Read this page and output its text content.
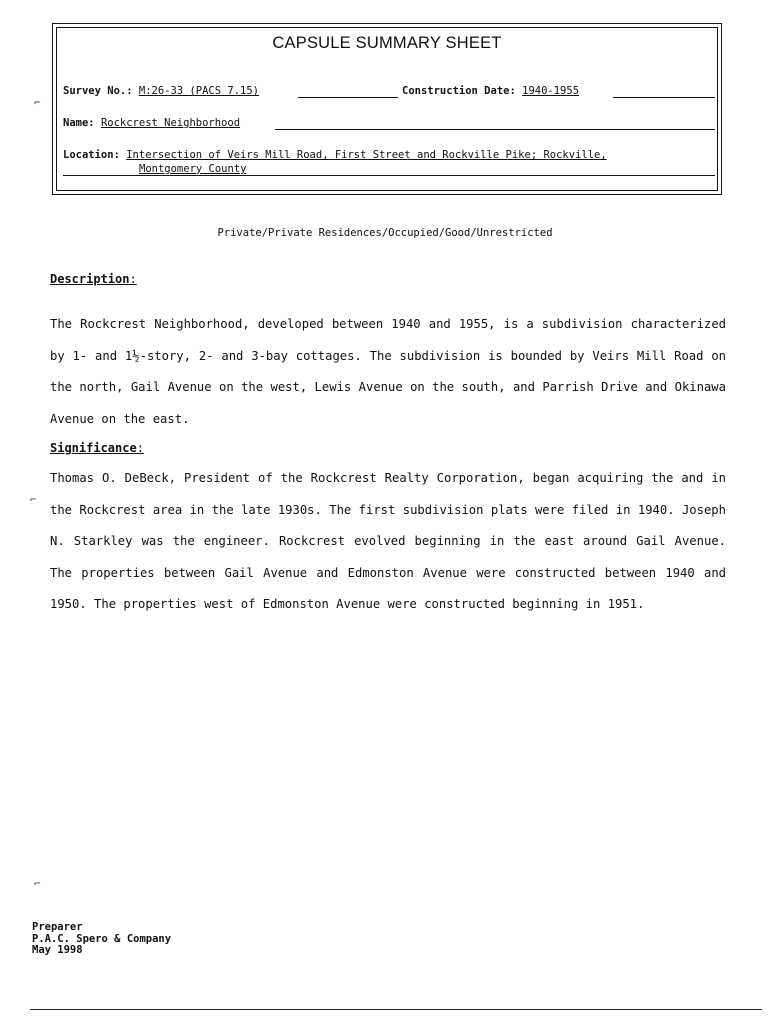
CAPSULE SUMMARY SHEET
Survey No.: M:26-33 (PACS 7.15)	Construction Date: 1940-1955
Name: Rockcrest Neighborhood
Location: Intersection of Veirs Mill Road, First Street and Rockville Pike; Rockville,
Montgomery County
Private/Private Residences/Occupied/Good/Unrestricted
Description:

The Rockcrest Neighborhood, developed between 1940 and 1955, is a subdivision characterized by 1- and 1½-story, 2- and 3-bay cottages. The subdivision is bounded by Veirs Mill Road on the north, Gail Avenue on the west, Lewis Avenue on the south, and Parrish Drive and Okinawa Avenue on the east.

Significance:

Thomas O. DeBeck, President of the Rockcrest Realty Corporation, began acquiring the and in the Rockcrest area in the late 1930s. The first subdivision plats were filed in 1940. Joseph N. Starkley was the engineer. Rockcrest evolved beginning in the east around Gail Avenue. The properties between Gail Avenue and Edmonston Avenue were constructed between 1940 and 1950. The properties west of Edmonston Avenue were constructed beginning in 1951.

Preparer
P.A.C. Spero & Company
May 1998
⌐
⌐
⌐
